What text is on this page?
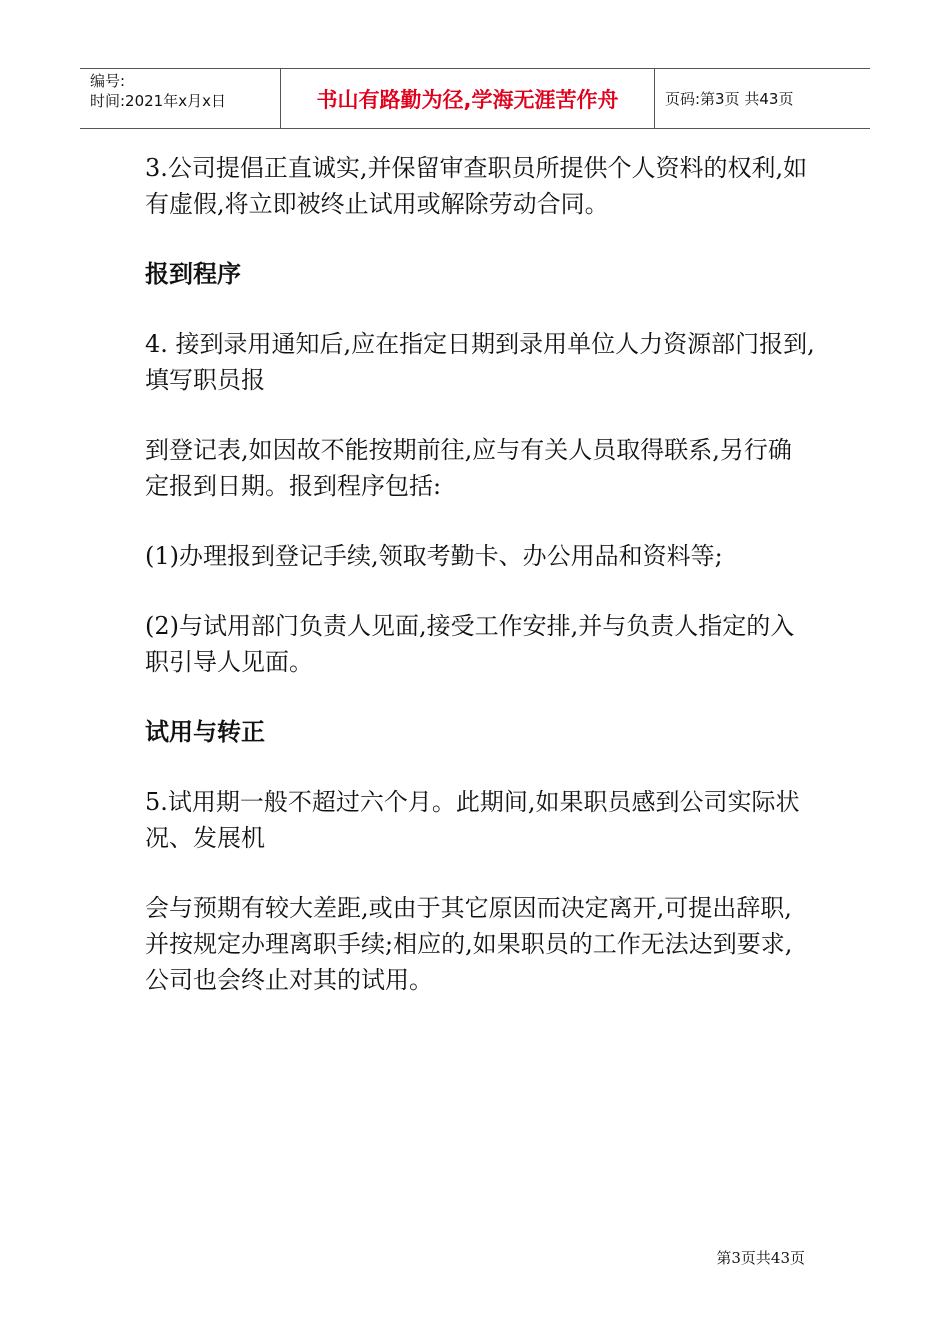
编号:
时间:2021年x月x日	书山有路勤为径,学海无涯苦作舟	页码:第3页 共43页

3.公司提倡正直诚实,并保留审查职员所提供个人资料的权利,如有虚假,将立即被终止试用或解除劳动合同。

报到程序

4. 接到录用通知后,应在指定日期到录用单位人力资源部门报到,填写职员报

到登记表,如因故不能按期前往,应与有关人员取得联系,另行确定报到日期。报到程序包括:

(1)办理报到登记手续,领取考勤卡、办公用品和资料等;

(2)与试用部门负责人见面,接受工作安排,并与负责人指定的入职引导人见面。

试用与转正

5.试用期一般不超过六个月。此期间,如果职员感到公司实际状况、发展机

会与预期有较大差距,或由于其它原因而决定离开,可提出辞职,并按规定办理离职手续;相应的,如果职员的工作无法达到要求,公司也会终止对其的试用。

第3页共43页
